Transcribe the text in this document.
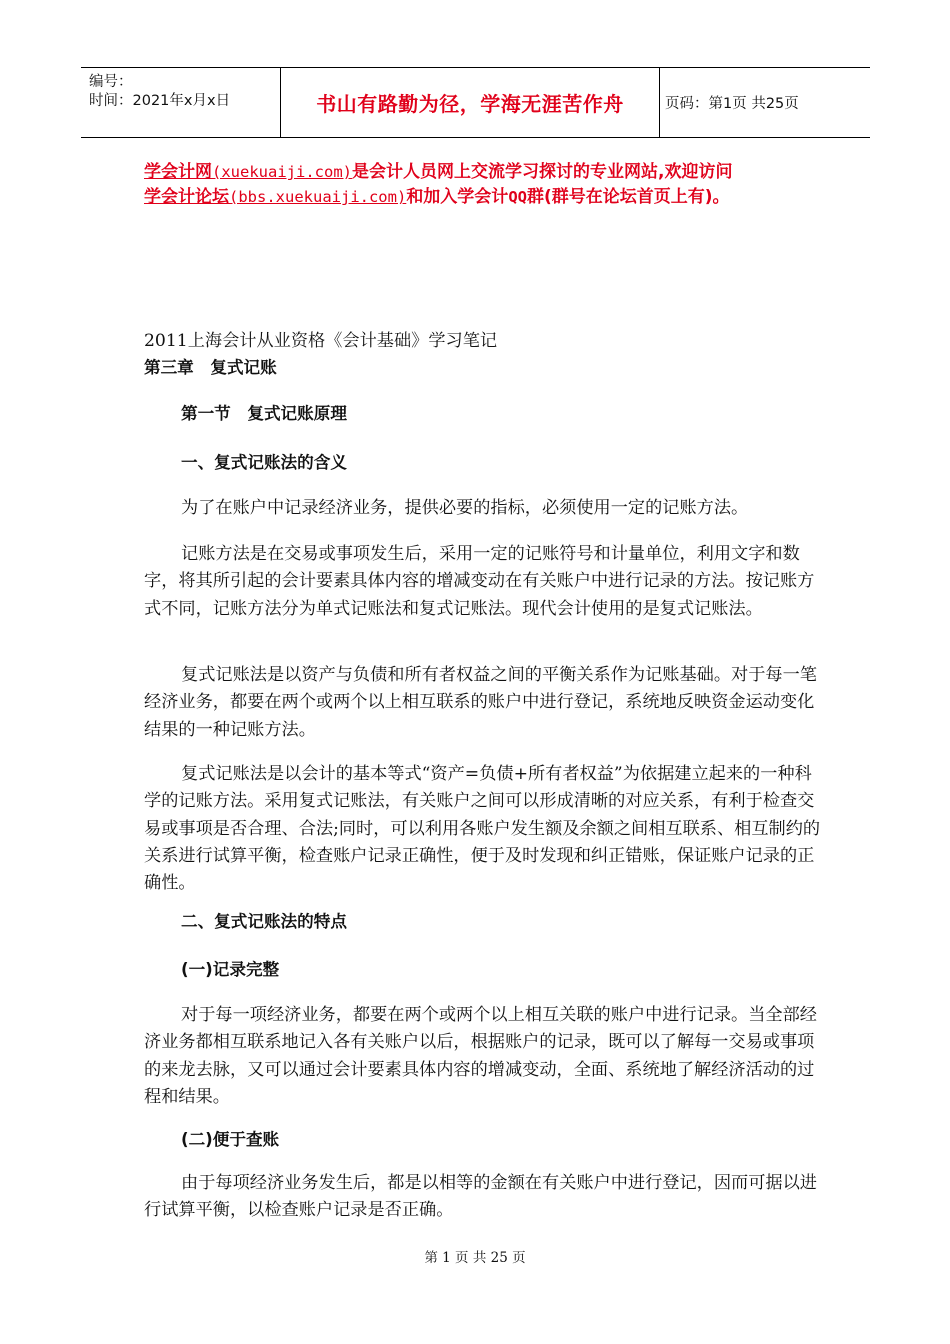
编号：
时间：2021年x月x日	书山有路勤为径，学海无涯苦作舟	页码：第1页 共25页
学会计网(xuekuaiji.com)是会计人员网上交流学习探讨的专业网站,欢迎访问
学会计论坛(bbs.xuekuaiji.com)和加入学会计QQ群(群号在论坛首页上有)。
2011上海会计从业资格《会计基础》学习笔记
第三章　复式记账
第一节　复式记账原理
一、复式记账法的含义
为了在账户中记录经济业务，提供必要的指标，必须使用一定的记账方法。
记账方法是在交易或事项发生后，采用一定的记账符号和计量单位，利用文字和数字，将其所引起的会计要素具体内容的增减变动在有关账户中进行记录的方法。按记账方式不同，记账方法分为单式记账法和复式记账法。现代会计使用的是复式记账法。
复式记账法是以资产与负债和所有者权益之间的平衡关系作为记账基础。对于每一笔经济业务，都要在两个或两个以上相互联系的账户中进行登记，系统地反映资金运动变化结果的一种记账方法。
复式记账法是以会计的基本等式“资产=负债+所有者权益”为依据建立起来的一种科学的记账方法。采用复式记账法，有关账户之间可以形成清晰的对应关系，有利于检查交易或事项是否合理、合法;同时，可以利用各账户发生额及余额之间相互联系、相互制约的关系进行试算平衡，检查账户记录正确性，便于及时发现和纠正错账，保证账户记录的正确性。
二、复式记账法的特点
(一)记录完整
对于每一项经济业务，都要在两个或两个以上相互关联的账户中进行记录。当全部经济业务都相互联系地记入各有关账户以后，根据账户的记录，既可以了解每一交易或事项的来龙去脉，又可以通过会计要素具体内容的增减变动，全面、系统地了解经济活动的过程和结果。
(二)便于查账
由于每项经济业务发生后，都是以相等的金额在有关账户中进行登记，因而可据以进行试算平衡，以检查账户记录是否正确。
第 1 页 共 25 页
